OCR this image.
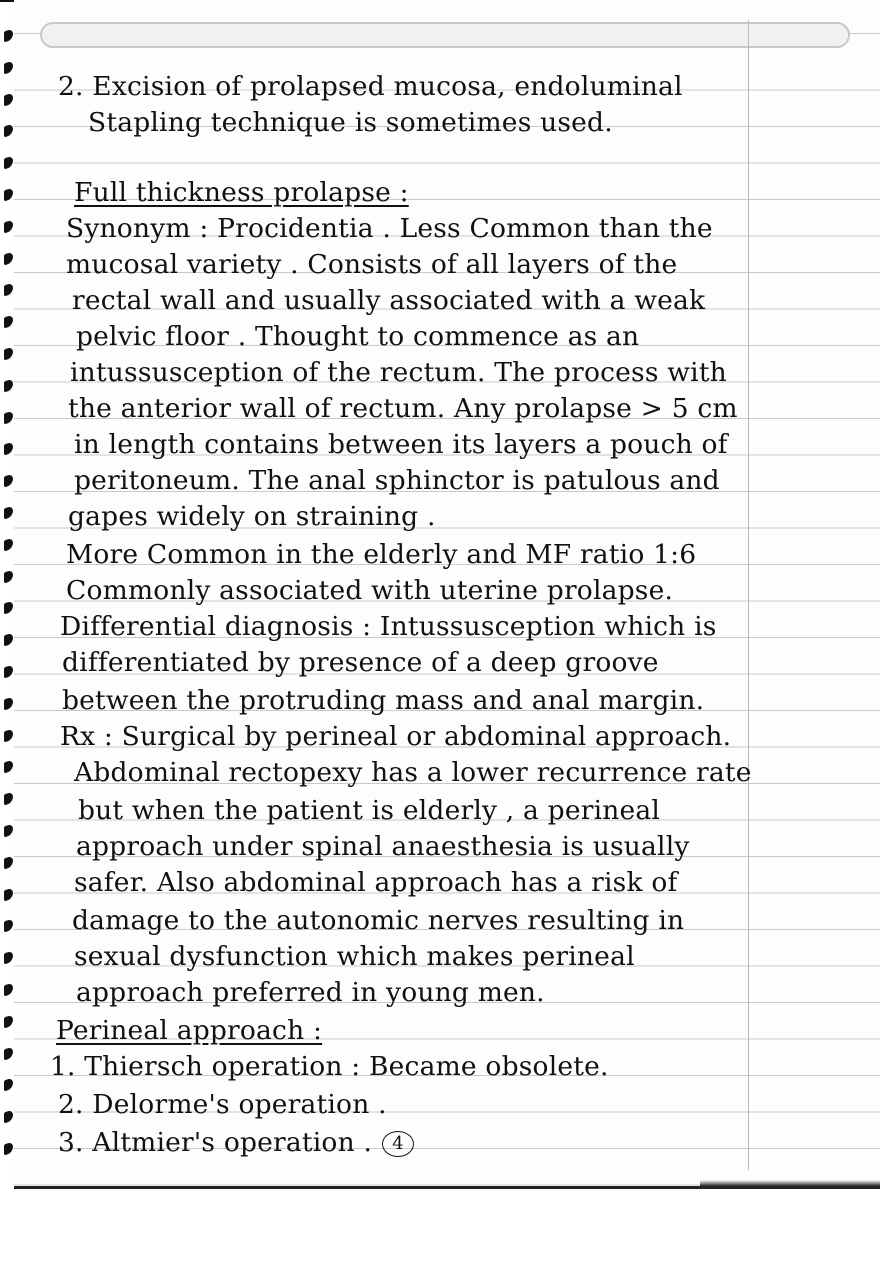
2. Excision of prolapsed mucosa, endoluminal
Stapling technique is sometimes used.
Full thickness prolapse :
Synonym : Procidentia . Less Common than the
mucosal variety . Consists of all layers of the
rectal wall and usually associated with a weak
pelvic floor . Thought to commence as an
intussusception of the rectum. The process with
the anterior wall of rectum. Any prolapse > 5 cm
in length contains between its layers a pouch of
peritoneum. The anal sphinctor is patulous and
gapes widely on straining .
More Common in the elderly and MF ratio 1:6
Commonly associated with uterine prolapse.
Differential diagnosis : Intussusception which is
differentiated by presence of a deep groove
between the protruding mass and anal margin.
Rx : Surgical by perineal or abdominal approach.
Abdominal rectopexy has a lower recurrence rate
but when the patient is elderly , a perineal
approach under spinal anaesthesia is usually
safer. Also abdominal approach has a risk of
damage to the autonomic nerves resulting in
sexual dysfunction which makes perineal
approach preferred in young men.
Perineal approach :
1. Thiersch operation : Became obsolete.
2. Delorme's operation .
3. Altmier's operation . 4
